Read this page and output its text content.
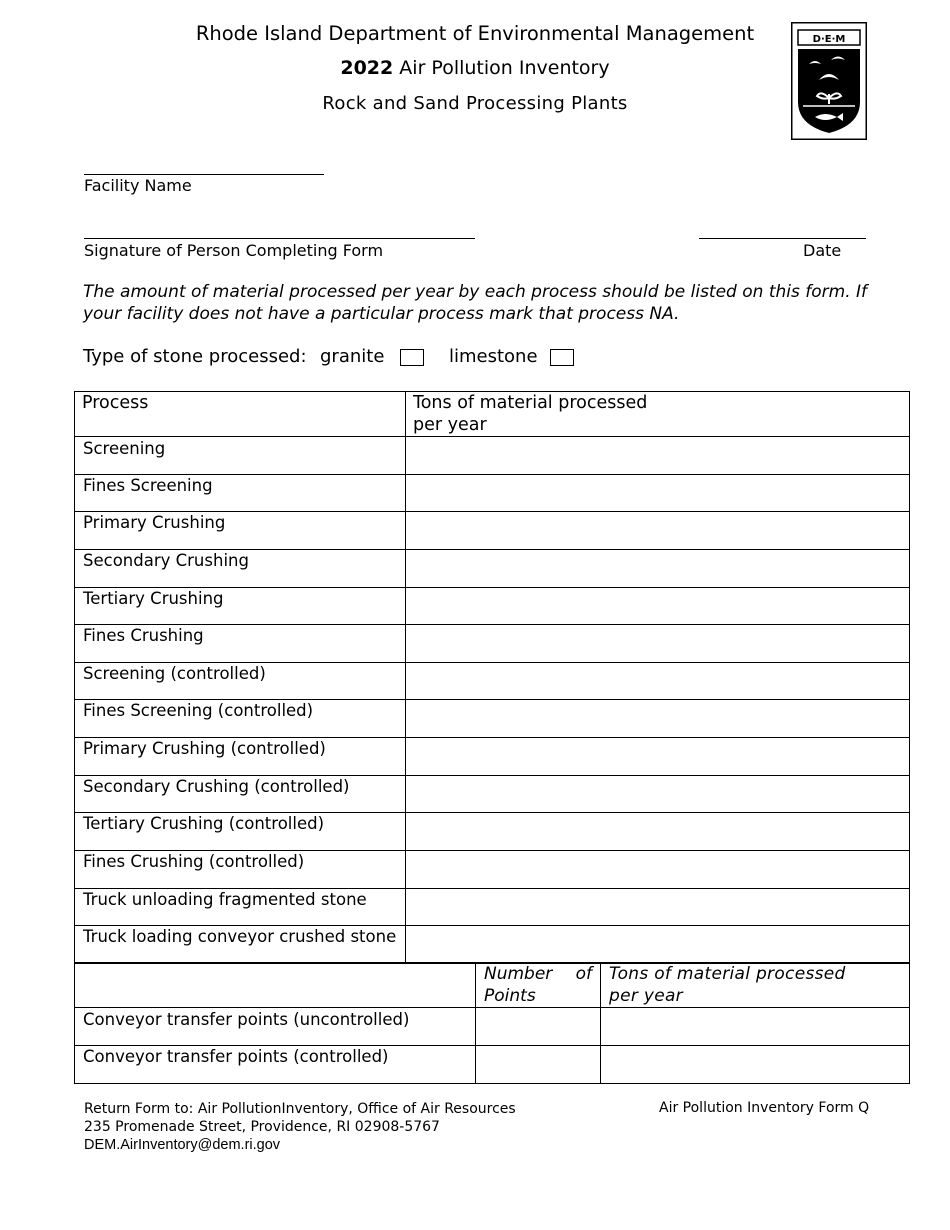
Rhode Island Department of Environmental Management
2022 Air Pollution Inventory
Rock and Sand Processing Plants
D·E·M
Facility Name
Signature of Person Completing Form	Date
The amount of material processed per year by each process should be listed on this form. If your facility does not have a particular process mark that process NA.
Type of stone processed: granite	limestone
Process	Tons of material processed per year

Screening	

Fines Screening	

Primary Crushing	

Secondary Crushing	

Tertiary Crushing	

Fines Crushing	

Screening (controlled)	

Fines Screening (controlled)	

Primary Crushing (controlled)	

Secondary Crushing (controlled)	

Tertiary Crushing (controlled)	

Fines Crushing (controlled)	

Truck unloading fragmented stone	

Truck loading conveyor crushed stone	

	Number of Points	Tons of material processed per year

Conveyor transfer points (uncontrolled)		

Conveyor transfer points (controlled)		

Return Form to: Air PollutionInventory, Office of Air Resources
235 Promenade Street, Providence, RI 02908-5767
DEM.AirInventory@dem.ri.gov
Air Pollution Inventory Form Q
